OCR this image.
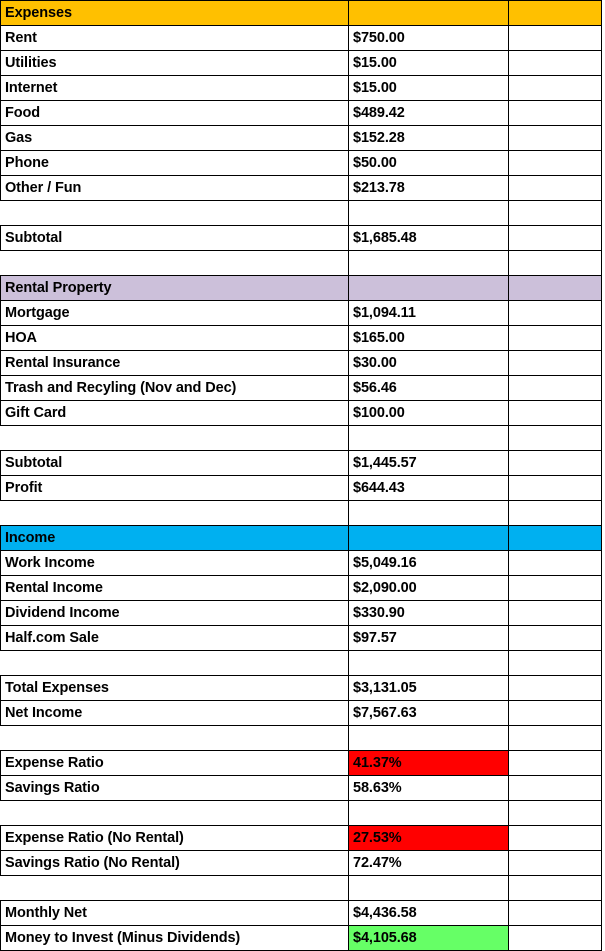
Expenses		
Rent	$750.00	
Utilities	$15.00	
Internet	$15.00	
Food	$489.42	
Gas	$152.28	
Phone	$50.00	
Other / Fun	$213.78	

Subtotal	$1,685.48	

Rental Property		
Mortgage	$1,094.11	
HOA	$165.00	
Rental Insurance	$30.00	
Trash and Recyling (Nov and Dec)	$56.46	
Gift Card	$100.00	

Subtotal	$1,445.57	
Profit	$644.43	

Income		
Work Income	$5,049.16	
Rental Income	$2,090.00	
Dividend Income	$330.90	
Half.com Sale	$97.57	

Total Expenses	$3,131.05	
Net Income	$7,567.63	

Expense Ratio	41.37%	
Savings Ratio	58.63%	

Expense Ratio (No Rental)	27.53%	
Savings Ratio (No Rental)	72.47%	

Monthly Net	$4,436.58	
Money to Invest (Minus Dividends)	$4,105.68	
